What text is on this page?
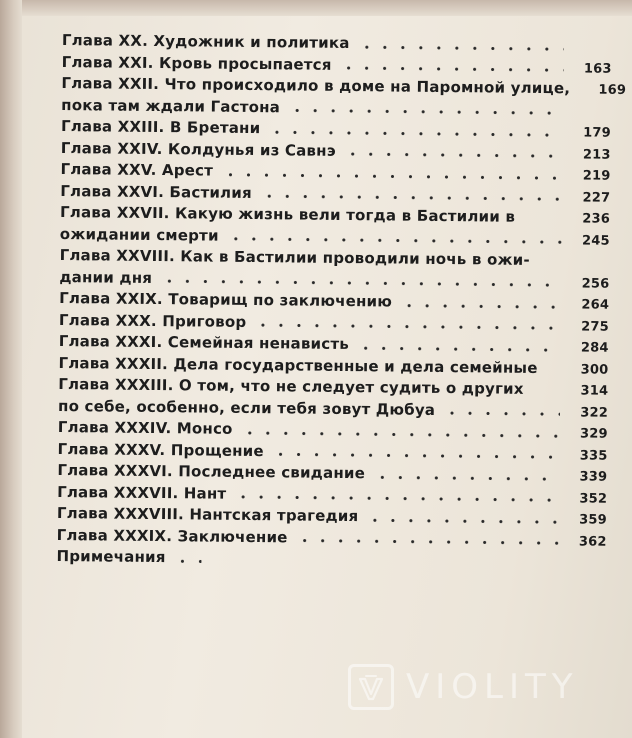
Глава XX. Художник и политика
Глава XXI. Кровь просыпается	163
Глава XXII. Что происходило в доме на Паромной улице,	169
пока там ждали Гастона
Глава XXIII. В Бретани	179
Глава XXIV. Колдунья из Савнэ	213
Глава XXV. Арест	219
Глава XXVI. Бастилия	227
Глава XXVII. Какую жизнь вели тогда в Бастилии в	236
ожидании смерти	245
Глава XXVIII. Как в Бастилии проводили ночь в ожи-
дании дня	256
Глава XXIX. Товарищ по заключению	264
Глава XXX. Приговор	275
Глава XXXI. Семейная ненависть	284
Глава XXXII. Дела государственные и дела семейные	300
Глава XXXIII. О том, что не следует судить о других	314
по себе, особенно, если тебя зовут Дюбуа	322
Глава XXXIV. Монсо	329
Глава XXXV. Прощение	335
Глава XXXVI. Последнее свидание	339
Глава XXXVII. Нант	352
Глава XXXVIII. Нантская трагедия	359
Глава XXXIX. Заключение	362
Примечания
VIOLITY
